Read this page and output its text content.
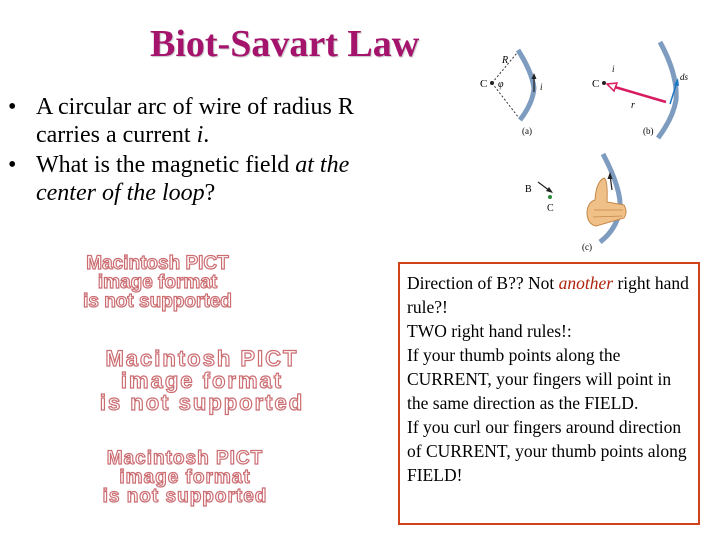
Biot-Savart Law
• A circular arc of wire of radius R carries a current i.
• What is the magnetic field at the center of the loop?
Macintosh PICT
image format
is not supported
Macintosh PICT
image format
is not supported
Macintosh PICT
image format
is not supported
C φ
R
i
(a)
C
r
ds
i
(b)
B
C
(c)
Direction of B?? Not another right hand rule?!
TWO right hand rules!:
If your thumb points along the CURRENT, your fingers will point in the same direction as the FIELD.
If you curl our fingers around direction of CURRENT, your thumb points along FIELD!
